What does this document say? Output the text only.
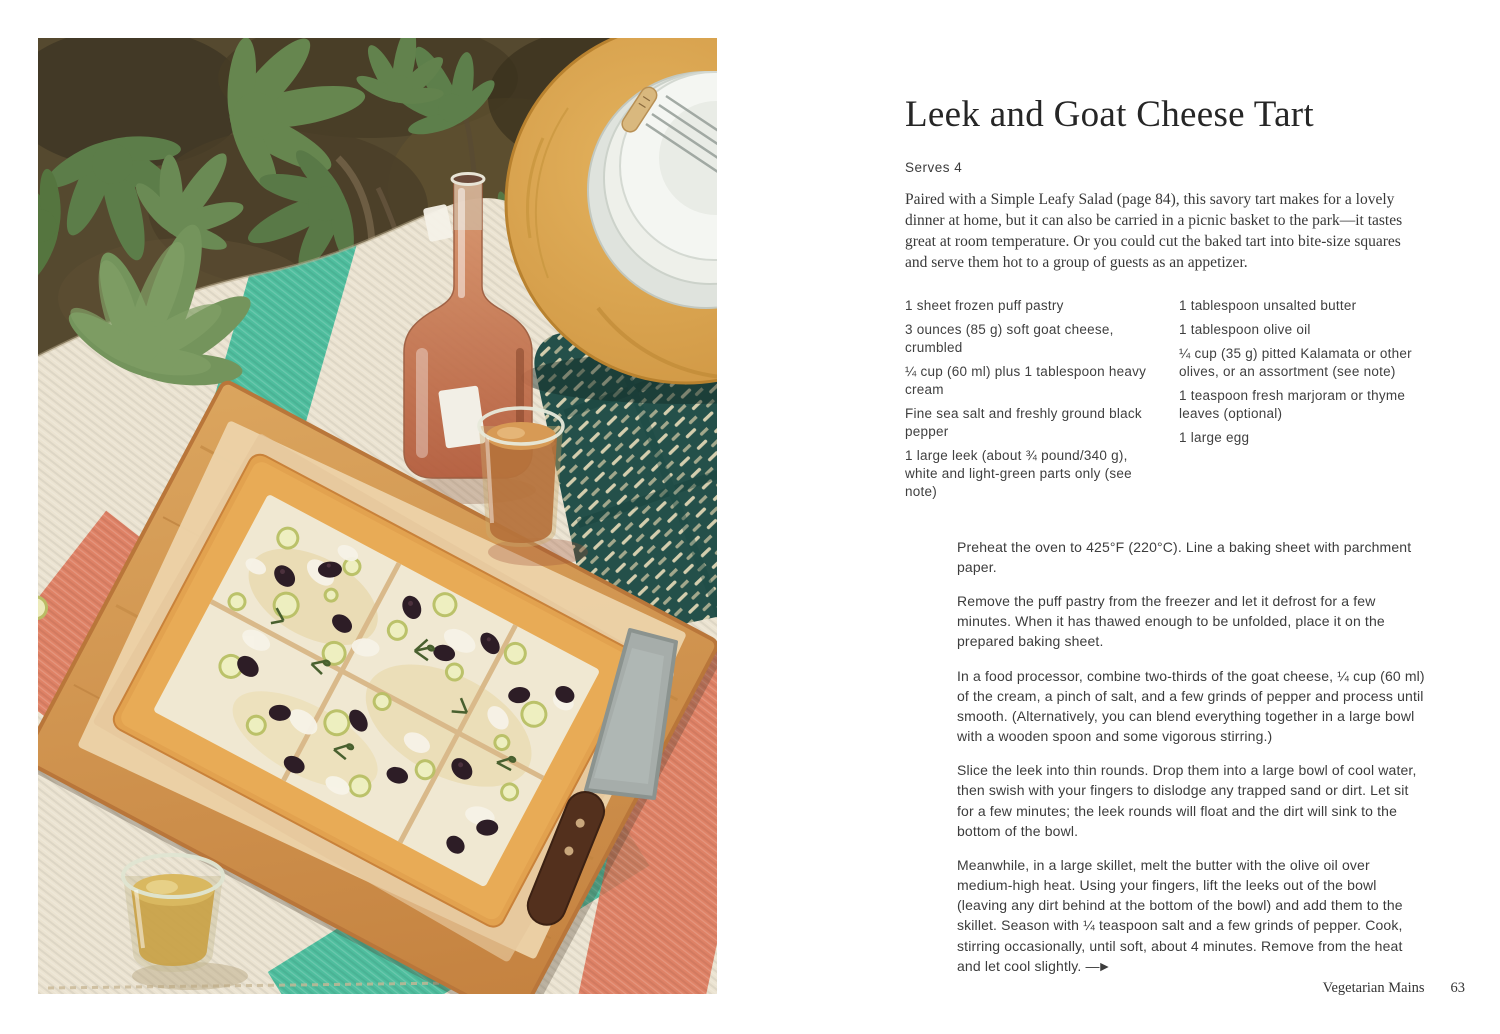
Leek and Goat Cheese Tart
Serves 4

Paired with a Simple Leafy Salad (page 84), this savory tart makes for a lovely dinner at home, but it can also be carried in a picnic basket to the park—it tastes great at room temperature. Or you could cut the baked tart into bite-size squares and serve them hot to a group of guests as an appetizer.

1 sheet frozen puff pastry
3 ounces (85 g) soft goat cheese, crumbled
¼ cup (60 ml) plus 1 tablespoon heavy cream
Fine sea salt and freshly ground black pepper
1 large leek (about ¾ pound/340 g), white and light-green parts only (see note)
1 tablespoon unsalted butter
1 tablespoon olive oil
¼ cup (35 g) pitted Kalamata or other olives, or an assortment (see note)
1 teaspoon fresh marjoram or thyme leaves (optional)
1 large egg

Preheat the oven to 425°F (220°C). Line a baking sheet with parchment paper.

Remove the puff pastry from the freezer and let it defrost for a few minutes. When it has thawed enough to be unfolded, place it on the prepared baking sheet.

In a food processor, combine two-thirds of the goat cheese, ¼ cup (60 ml) of the cream, a pinch of salt, and a few grinds of pepper and process until smooth. (Alternatively, you can blend everything together in a large bowl with a wooden spoon and some vigorous stirring.)

Slice the leek into thin rounds. Drop them into a large bowl of cool water, then swish with your fingers to dislodge any trapped sand or dirt. Let sit for a few minutes; the leek rounds will float and the dirt will sink to the bottom of the bowl.

Meanwhile, in a large skillet, melt the butter with the olive oil over medium-high heat. Using your fingers, lift the leeks out of the bowl (leaving any dirt behind at the bottom of the bowl) and add them to the skillet. Season with ¼ teaspoon salt and a few grinds of pepper. Cook, stirring occasionally, until soft, about 4 minutes. Remove from the heat and let cool slightly. —►

Vegetarian Mains 63
